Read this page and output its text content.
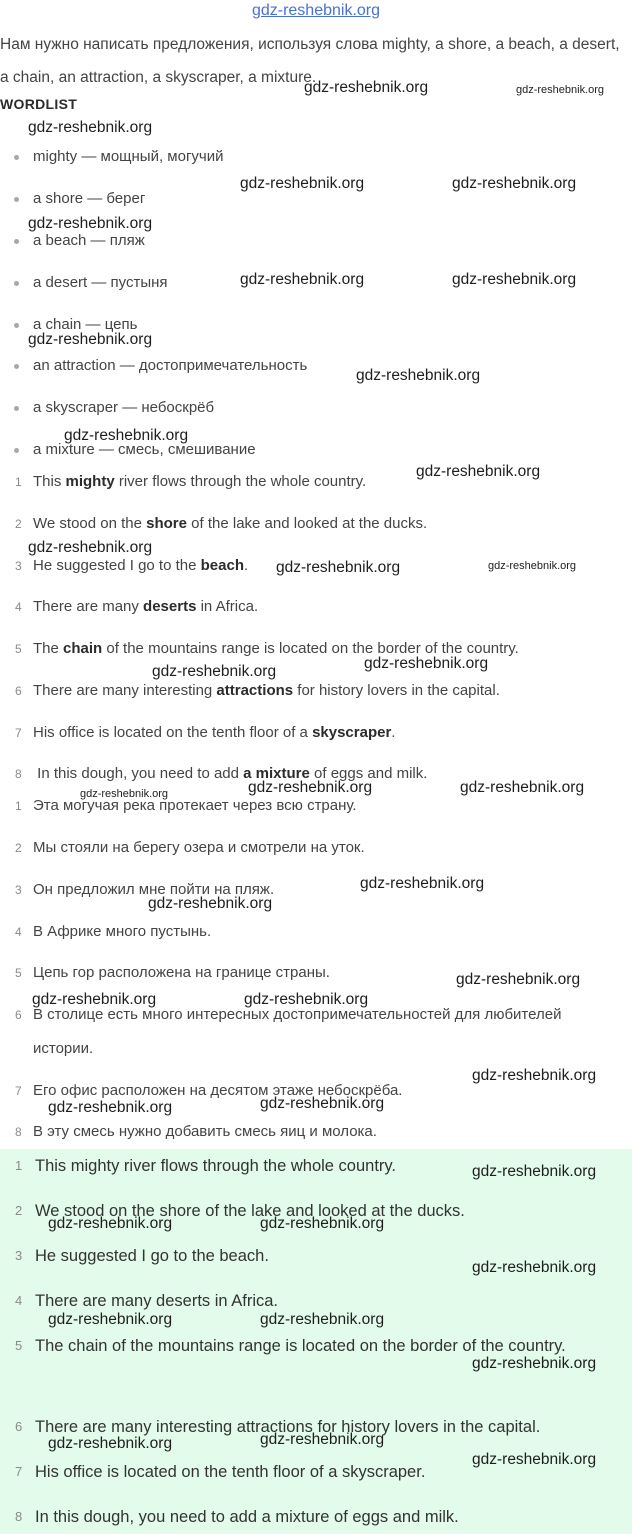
gdz-reshebnik.org

Нам нужно написать предложения, используя слова mighty, a shore, a beach, a desert, a chain, an attraction, a skyscraper, a mixture.

WORDLIST
mighty — мощный, могучий
a shore — берег
a beach — пляж
a desert — пустыня
a chain — цепь
an attraction — достопримечательность
a skyscraper — небоскрёб
a mixture — смесь, смешивание
1 This mighty river flows through the whole country.
2 We stood on the shore of the lake and looked at the ducks.
3 He suggested I go to the beach.
4 There are many deserts in Africa.
5 The chain of the mountains range is located on the border of the country.
6 There are many interesting attractions for history lovers in the capital.
7 His office is located on the tenth floor of a skyscraper.
8 In this dough, you need to add a mixture of eggs and milk.
1 Эта могучая река протекает через всю страну.
2 Мы стояли на берегу озера и смотрели на уток.
3 Он предложил мне пойти на пляж.
4 В Африке много пустынь.
5 Цепь гор расположена на границе страны.
6 В столице есть много интересных достопримечательностей для любителей истории.
7 Его офис расположен на десятом этаже небоскрёба.
8 В эту смесь нужно добавить смесь яиц и молока.
1 This mighty river flows through the whole country.
2 We stood on the shore of the lake and looked at the ducks.
3 He suggested I go to the beach.
4 There are many deserts in Africa.
5 The chain of the mountains range is located on the border of the country.
6 There are many interesting attractions for history lovers in the capital.
7 His office is located on the tenth floor of a skyscraper.
8 In this dough, you need to add a mixture of eggs and milk.
gdz-reshebnik.org	gdz-reshebnik.org
gdz-reshebnik.org
gdz-reshebnik.org	gdz-reshebnik.org
gdz-reshebnik.org
gdz-reshebnik.org	gdz-reshebnik.org
gdz-reshebnik.org
gdz-reshebnik.org
gdz-reshebnik.org
gdz-reshebnik.org
gdz-reshebnik.org
gdz-reshebnik.org	gdz-reshebnik.org
gdz-reshebnik.org
gdz-reshebnik.org
gdz-reshebnik.org	gdz-reshebnik.org
gdz-reshebnik.org
gdz-reshebnik.org
gdz-reshebnik.org
gdz-reshebnik.org
gdz-reshebnik.org	gdz-reshebnik.org
gdz-reshebnik.org
gdz-reshebnik.org
gdz-reshebnik.org
gdz-reshebnik.org
gdz-reshebnik.org	gdz-reshebnik.org
gdz-reshebnik.org
gdz-reshebnik.org	gdz-reshebnik.org
gdz-reshebnik.org
gdz-reshebnik.org
gdz-reshebnik.org
gdz-reshebnik.org
